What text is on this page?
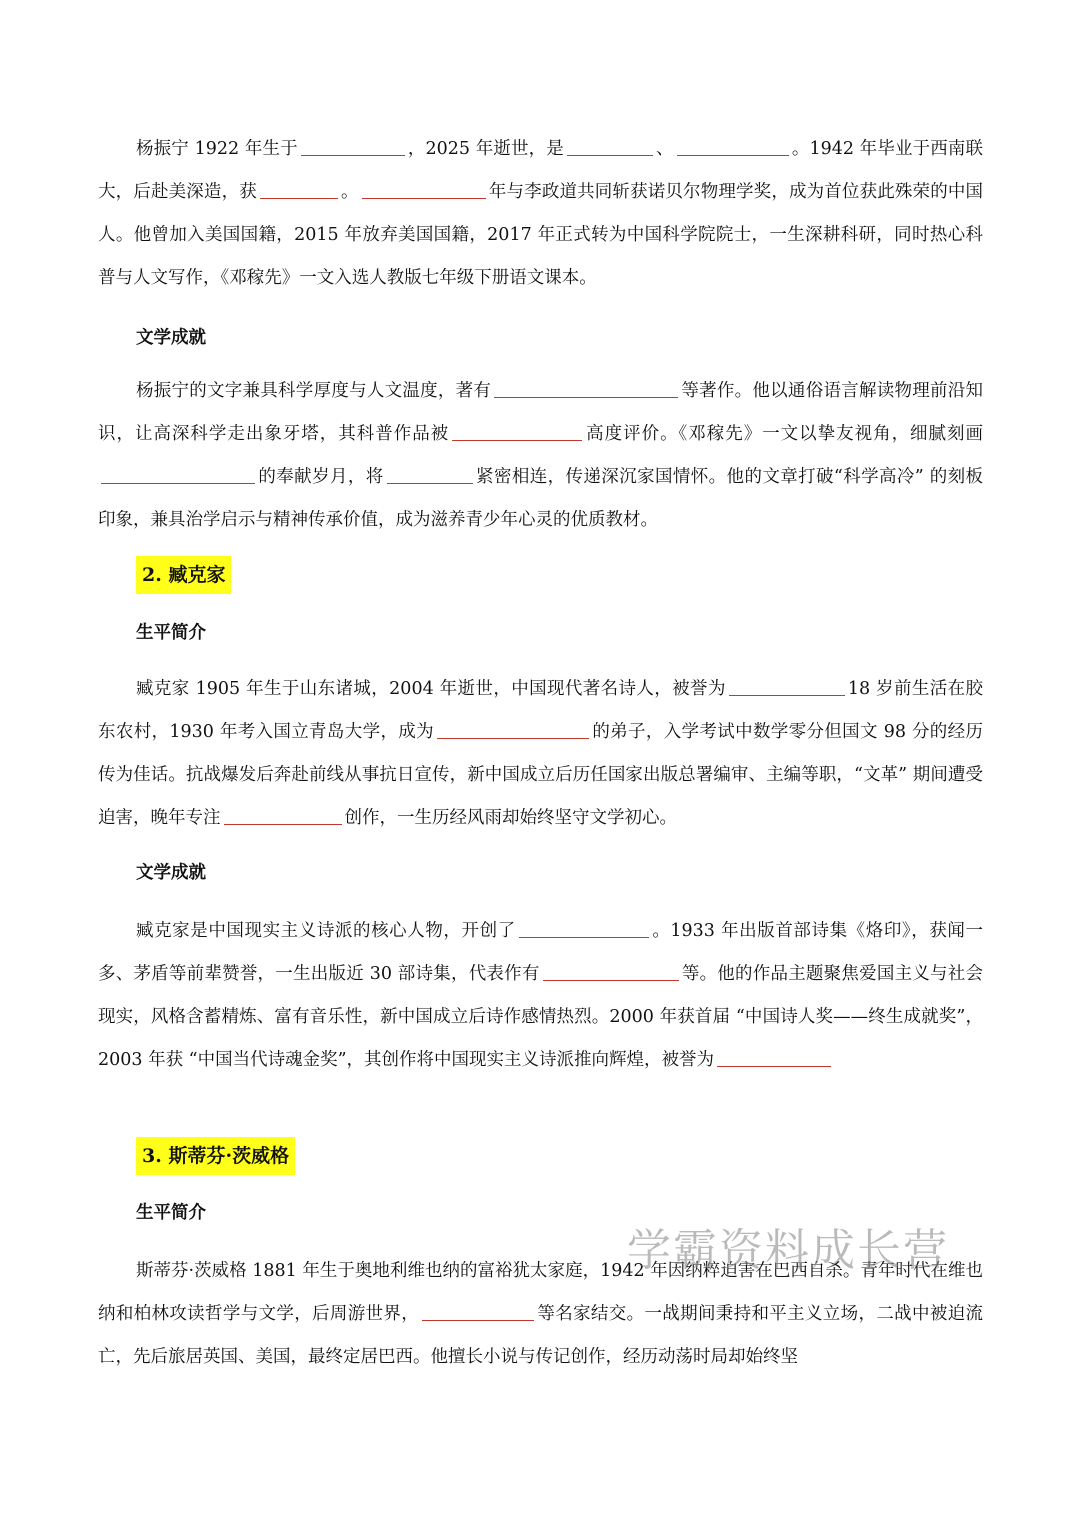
杨振宁 1922 年生于	，2025 年逝世，是	、	。1942 年毕业于西南联大，后赴美深造，获	。	年与李政道共同斩获诺贝尔物理学奖，成为首位获此殊荣的中国人。他曾加入美国国籍，2015 年放弃美国国籍，2017 年正式转为中国科学院院士，一生深耕科研，同时热心科普与人文写作，《邓稼先》一文入选人教版七年级下册语文课本。

文学成就

杨振宁的文字兼具科学厚度与人文温度，著有	等著作。他以通俗语言解读物理前沿知识，让高深科学走出象牙塔，其科普作品被	高度评价。《邓稼先》一文以挚友视角，细腻刻画的奉献岁月，将	紧密相连，传递深沉家国情怀。他的文章打破“科学高冷” 的刻板印象，兼具治学启示与精神传承价值，成为滋养青少年心灵的优质教材。

2. 臧克家

生平简介

臧克家 1905 年生于山东诸城，2004 年逝世，中国现代著名诗人，被誉为	18 岁前生活在胶东农村，1930 年考入国立青岛大学，成为	的弟子，入学考试中数学零分但国文 98 分的经历传为佳话。抗战爆发后奔赴前线从事抗日宣传，新中国成立后历任国家出版总署编审、主编等职，“文革” 期间遭受迫害，晚年专注	创作，一生历经风雨却始终坚守文学初心。

文学成就

臧克家是中国现实主义诗派的核心人物，开创了	。1933 年出版首部诗集《烙印》，获闻一多、茅盾等前辈赞誉，一生出版近 30 部诗集，代表作有	等。他的作品主题聚焦爱国主义与社会现实，风格含蓄精炼、富有音乐性，新中国成立后诗作感情热烈。2000 年获首届 “中国诗人奖——终生成就奖”，2003 年获 “中国当代诗魂金奖”，其创作将中国现实主义诗派推向辉煌，被誉为

3. 斯蒂芬·茨威格

生平简介

斯蒂芬·茨威格 1881 年生于奥地利维也纳的富裕犹太家庭，1942 年因纳粹迫害在巴西自杀。青年时代在维也纳和柏林攻读哲学与文学，后周游世界，	等名家结交。一战期间秉持和平主义立场，二战中被迫流亡，先后旅居英国、美国，最终定居巴西。他擅长小说与传记创作，经历动荡时局却始终坚

学霸资料成长营
